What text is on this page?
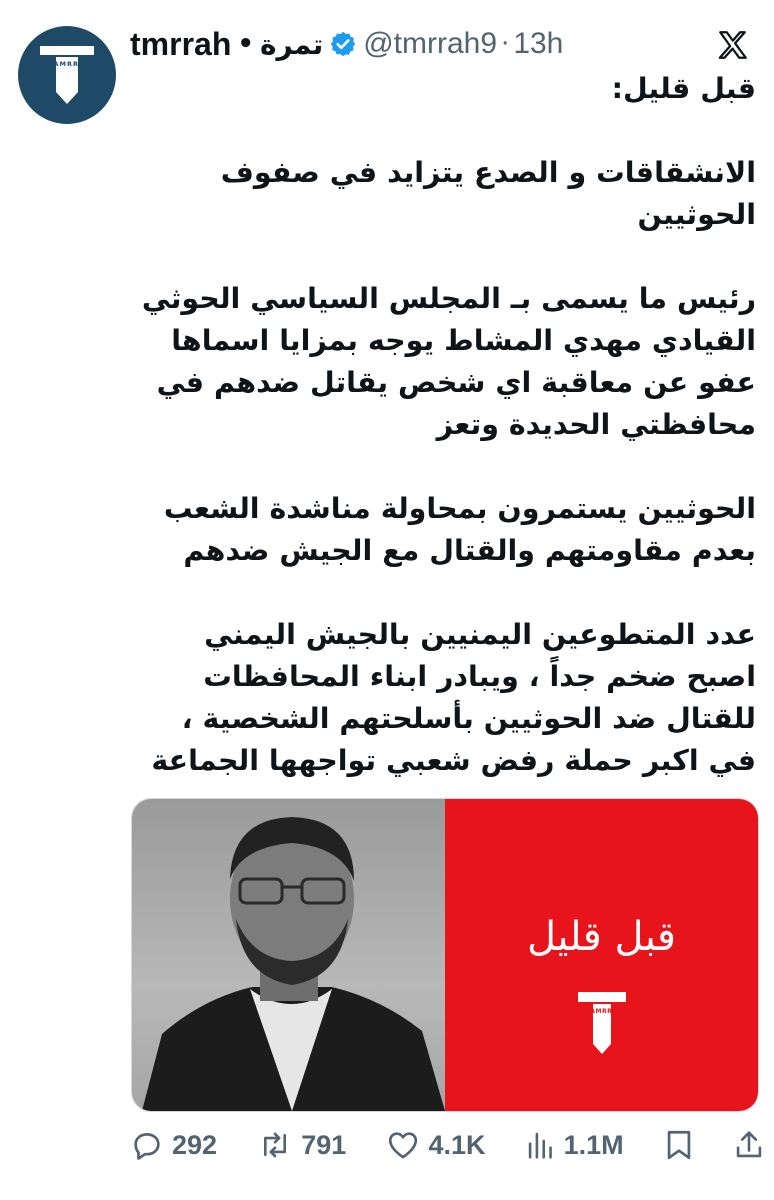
TAMRRH
tmrrah • تمرة @tmrrah9 · 13h

قبل قليل:

الانشقاقات و الصدع يتزايد في صفوف الحوثيين

رئيس ما يسمى بـ المجلس السياسي الحوثي القيادي مهدي المشاط يوجه بمزايا اسماها عفو عن معاقبة اي شخص يقاتل ضدهم في محافظتي الحديدة وتعز

الحوثيين يستمرون بمحاولة مناشدة الشعب بعدم مقاومتهم والقتال مع الجيش ضدهم

عدد المتطوعين اليمنيين بالجيش اليمني اصبح ضخم جداً ، ويبادر ابناء المحافظات للقتال ضد الحوثيين بأسلحتهم الشخصية ، في اكبر حملة رفض شعبي تواجهها الجماعة

قبل قليل
TAMRRH
292	791	4.1K	1.1M
